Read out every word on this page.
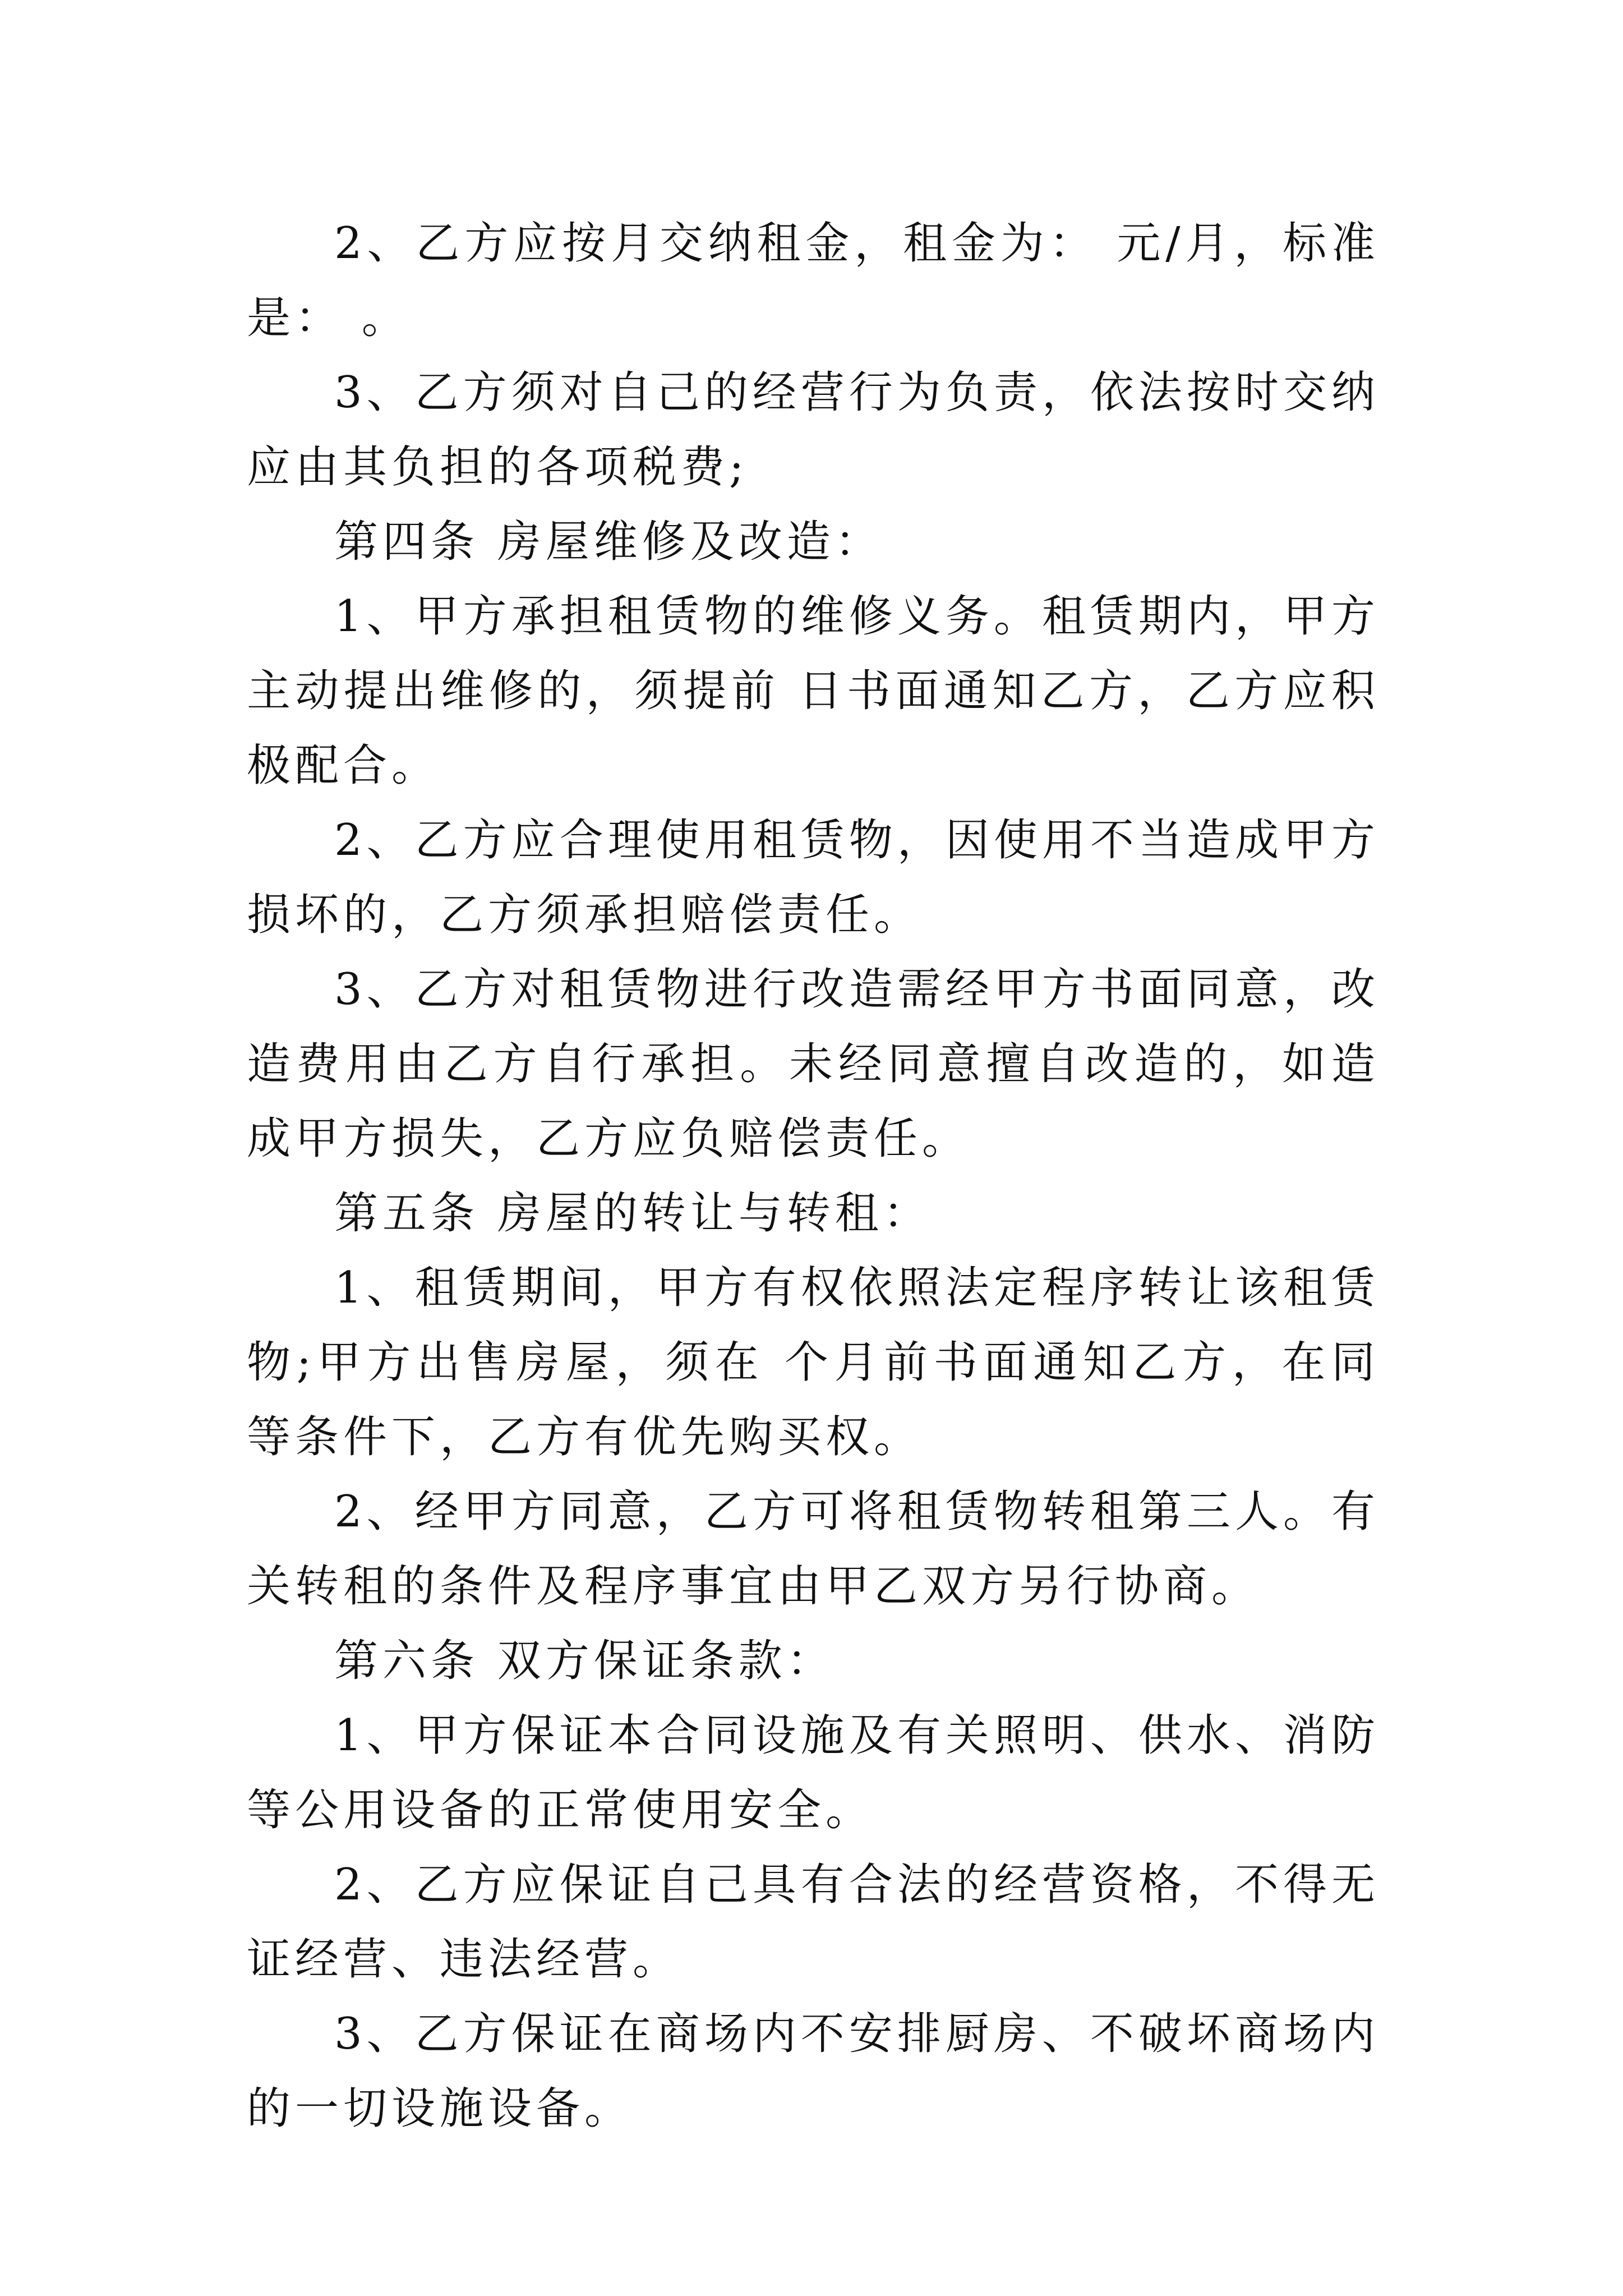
2、乙方应按月交纳租金，租金为： 元/月，标准是： 。

3、乙方须对自己的经营行为负责，依法按时交纳应由其负担的各项税费;

第四条 房屋维修及改造：

1、甲方承担租赁物的维修义务。租赁期内，甲方主动提出维修的，须提前 日书面通知乙方，乙方应积极配合。

2、乙方应合理使用租赁物，因使用不当造成甲方损坏的，乙方须承担赔偿责任。

3、乙方对租赁物进行改造需经甲方书面同意，改造费用由乙方自行承担。未经同意擅自改造的，如造成甲方损失，乙方应负赔偿责任。

第五条 房屋的转让与转租：

1、租赁期间，甲方有权依照法定程序转让该租赁物;甲方出售房屋，须在 个月前书面通知乙方，在同等条件下，乙方有优先购买权。

2、经甲方同意，乙方可将租赁物转租第三人。有关转租的条件及程序事宜由甲乙双方另行协商。

第六条 双方保证条款：

1、甲方保证本合同设施及有关照明、供水、消防等公用设备的正常使用安全。

2、乙方应保证自己具有合法的经营资格，不得无证经营、违法经营。

3、乙方保证在商场内不安排厨房、不破坏商场内的一切设施设备。
